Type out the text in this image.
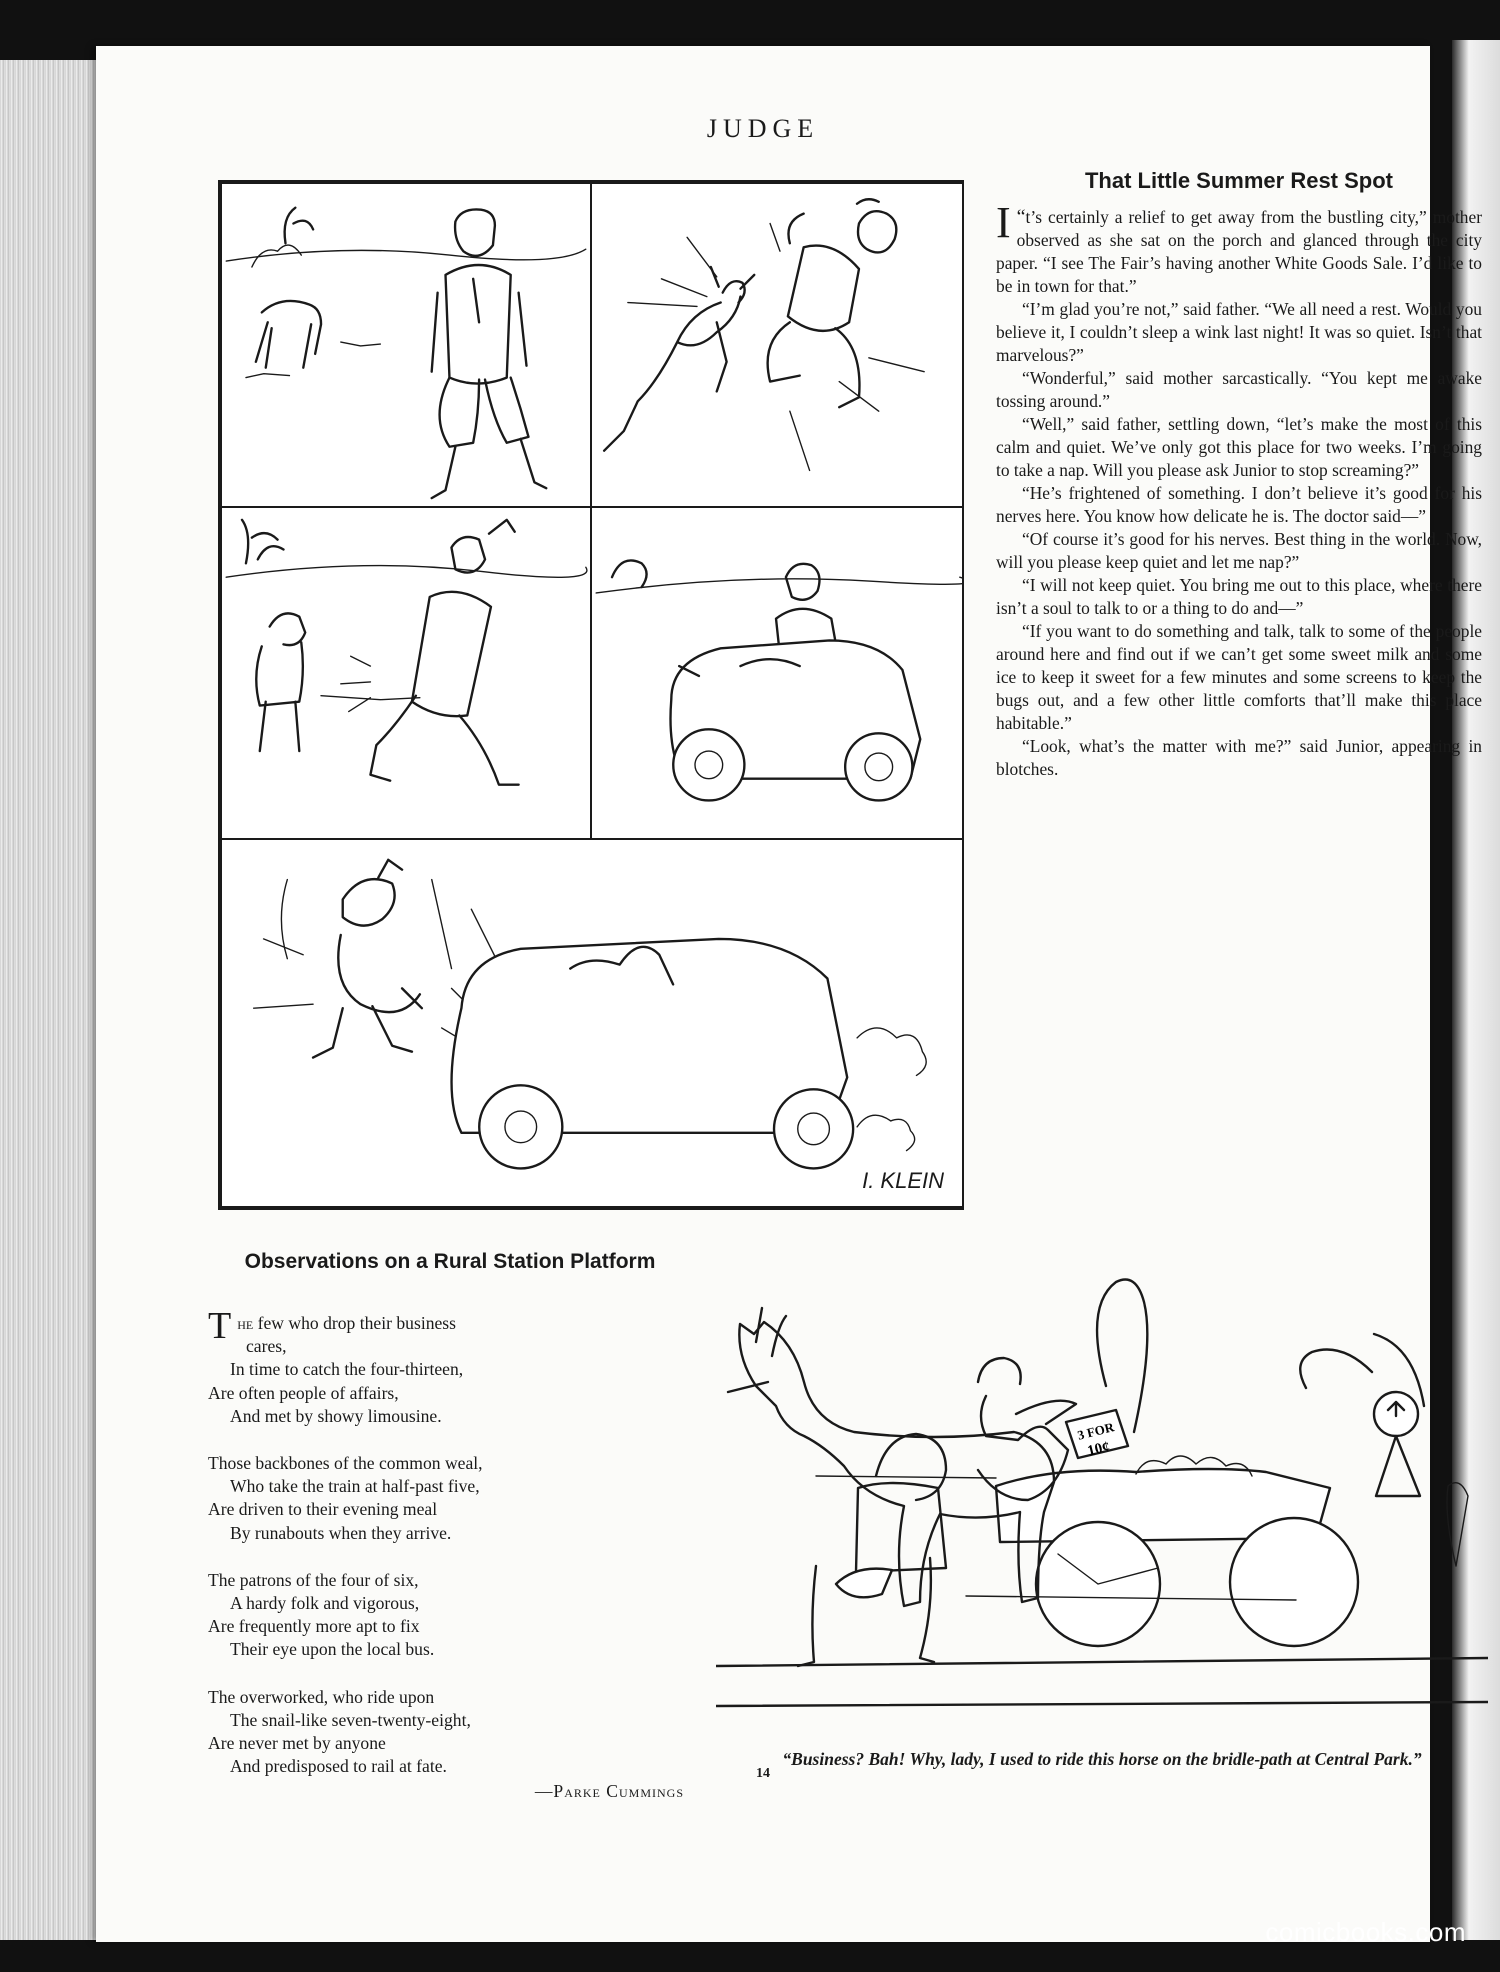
JUDGE
I. KLEIN
That Little Summer Rest Spot

“
I t’s certainly a relief to get away from the bustling city,” mother observed as she sat on the porch and glanced through the city paper. “I see The Fair’s having another White Goods Sale. I’d like to be in town for that.”

“I’m glad you’re not,” said father. “We all need a rest. Would you believe it, I couldn’t sleep a wink last night! It was so quiet. Isn’t that marvelous?”

“Wonderful,” said mother sarcastically. “You kept me awake tossing around.”

“Well,” said father, settling down, “let’s make the most of this calm and quiet. We’ve only got this place for two weeks. I’m going to take a nap. Will you please ask Junior to stop screaming?”

“He’s frightened of something. I don’t believe it’s good for his nerves here. You know how delicate he is. The doctor said—”

“Of course it’s good for his nerves. Best thing in the world. Now, will you please keep quiet and let me nap?”

“I will not keep quiet. You bring me out to this place, where there isn’t a soul to talk to or a thing to do and—”

“If you want to do something and talk, talk to some of the people around here and find out if we can’t get some sweet milk and some ice to keep it sweet for a few minutes and some screens to keep the bugs out, and a few other little comforts that’ll make this place habitable.”

“Look, what’s the matter with me?” said Junior, appearing in blotches.

Observations on a Rural Station Platform
The few who drop their business
cares,
In time to catch the four-thirteen,
Are often people of affairs,
And met by showy limousine.
Those backbones of the common weal,
Who take the train at half-past five,
Are driven to their evening meal
By runabouts when they arrive.
The patrons of the four of six,
A hardy folk and vigorous,
Are frequently more apt to fix
Their eye upon the local bus.
The overworked, who ride upon
The snail-like seven-twenty-eight,
Are never met by anyone
And predisposed to rail at fate.
—Parke Cummings
3 FOR
10¢
“Business? Bah! Why, lady, I used to ride this horse on the bridle-path at Central Park.”
14
comicbooks.com
